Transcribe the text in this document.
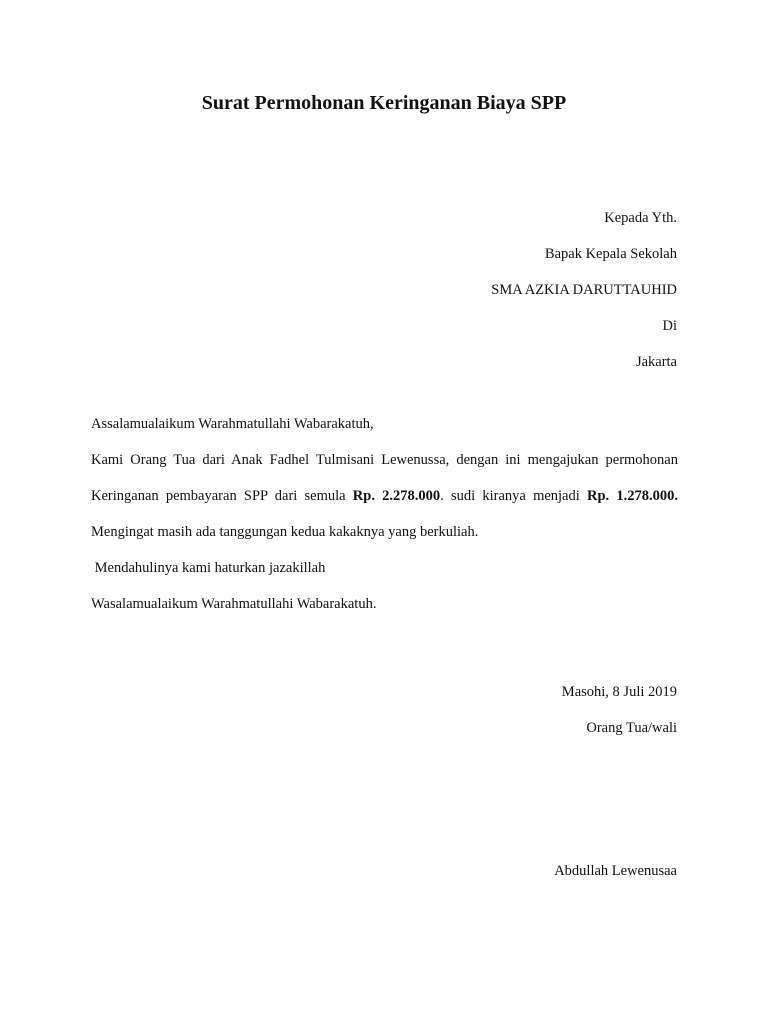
Surat Permohonan Keringanan Biaya SPP

Kepada Yth.

Bapak Kepala Sekolah

SMA AZKIA DARUTTAUHID

Di

Jakarta

Assalamualaikum Warahmatullahi Wabarakatuh,

Kami Orang Tua dari Anak Fadhel Tulmisani Lewenussa, dengan ini mengajukan permohonan

Keringanan pembayaran SPP dari semula Rp. 2.278.000. sudi kiranya menjadi Rp. 1.278.000.

Mengingat masih ada tanggungan kedua kakaknya yang berkuliah.

Mendahulinya kami haturkan jazakillah

Wasalamualaikum Warahmatullahi Wabarakatuh.

Masohi, 8 Juli 2019

Orang Tua/wali

Abdullah Lewenusaa
